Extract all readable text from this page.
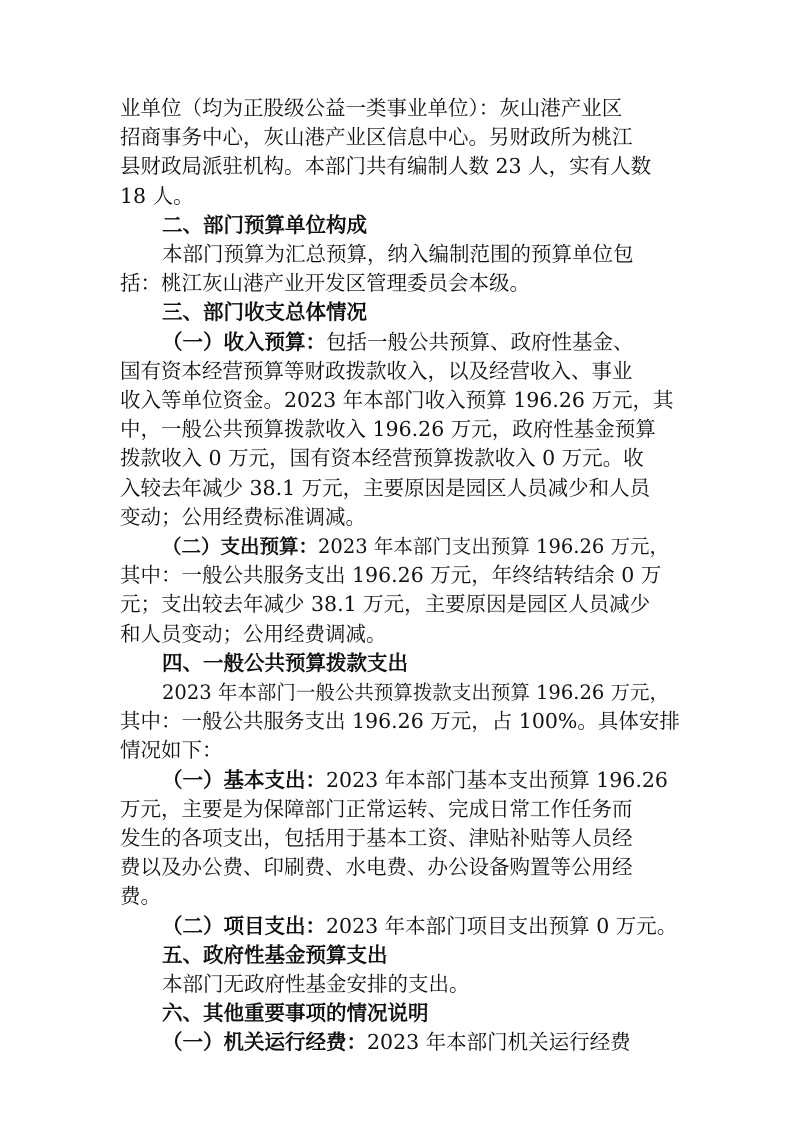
业单位（均为正股级公益一类事业单位）：灰山港产业区
招商事务中心，灰山港产业区信息中心。另财政所为桃江
县财政局派驻机构。本部门共有编制人数 23 人，实有人数
18 人。
二、部门预算单位构成
本部门预算为汇总预算，纳入编制范围的预算单位包
括：桃江灰山港产业开发区管理委员会本级。
三、部门收支总体情况
（一）收入预算：包括一般公共预算、政府性基金、
国有资本经营预算等财政拨款收入，以及经营收入、事业
收入等单位资金。2023 年本部门收入预算 196.26 万元，其
中，一般公共预算拨款收入 196.26 万元，政府性基金预算
拨款收入 0 万元，国有资本经营预算拨款收入 0 万元。收
入较去年减少 38.1 万元，主要原因是园区人员减少和人员
变动；公用经费标准调减。
（二）支出预算：2023 年本部门支出预算 196.26 万元，
其中：一般公共服务支出 196.26 万元，年终结转结余 0 万
元；支出较去年减少 38.1 万元，主要原因是园区人员减少
和人员变动；公用经费调减。
四、一般公共预算拨款支出
2023 年本部门一般公共预算拨款支出预算 196.26 万元，
其中：一般公共服务支出 196.26 万元，占 100%。具体安排
情况如下：
（一）基本支出：2023 年本部门基本支出预算 196.26
万元，主要是为保障部门正常运转、完成日常工作任务而
发生的各项支出，包括用于基本工资、津贴补贴等人员经
费以及办公费、印刷费、水电费、办公设备购置等公用经
费。
（二）项目支出：2023 年本部门项目支出预算 0 万元。
五、政府性基金预算支出
本部门无政府性基金安排的支出。
六、其他重要事项的情况说明
（一）机关运行经费：2023 年本部门机关运行经费
